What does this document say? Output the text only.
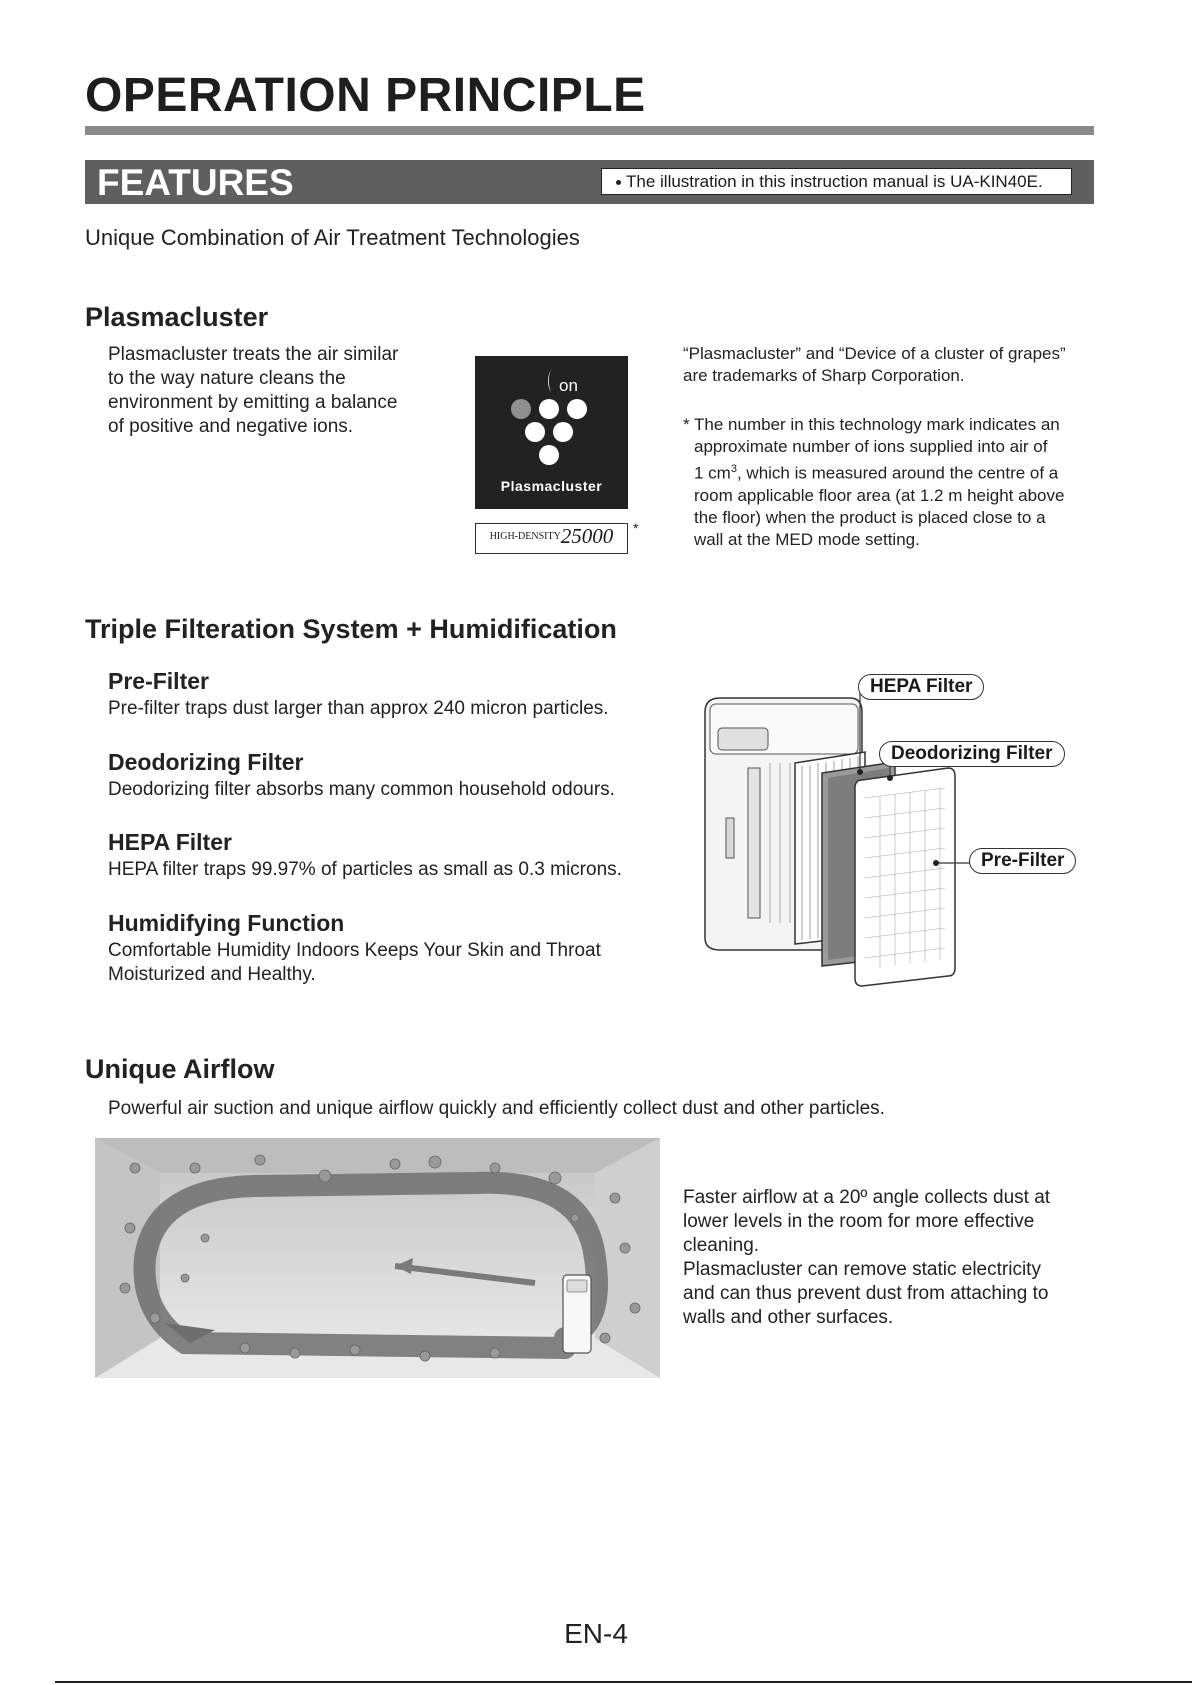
OPERATION PRINCIPLE
FEATURES	The illustration in this instruction manual is UA-KIN40E.
Unique Combination of Air Treatment Technologies
Plasmacluster
Plasmacluster treats the air similar
to the way nature cleans the
environment by emitting a balance
of positive and negative ions.
on
Plasmacluster
HIGH-DENSITY25000	*
“Plasmacluster” and “Device of a cluster of grapes”
are trademarks of Sharp Corporation.
* The number in this technology mark indicates an
approximate number of ions supplied into air of
1 $cm^3$, which is measured around the centre of a
room applicable floor area (at 1.2 m height above
the floor) when the product is placed close to a
wall at the MED mode setting.
Triple Filteration System + Humidification
Pre-Filter
Pre-filter traps dust larger than approx 240 micron particles.
Deodorizing Filter
Deodorizing filter absorbs many common household odours.
HEPA Filter
HEPA filter traps 99.97% of particles as small as 0.3 microns.
Humidifying Function
Comfortable Humidity Indoors Keeps Your Skin and Throat
Moisturized and Healthy.
HEPA Filter
Deodorizing Filter
Pre-Filter
Unique Airflow
Powerful air suction and unique airflow quickly and efficiently collect dust and other particles.
Faster airflow at a 20º angle collects dust at
lower levels in the room for more effective
cleaning.
Plasmacluster can remove static electricity
and can thus prevent dust from attaching to
walls and other surfaces.
EN-4
